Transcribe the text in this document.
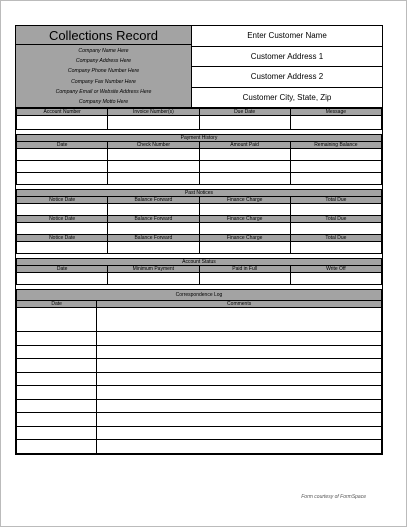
Collections Record
Company Name Here
Company Address Here
Company Phone Number Here
Company Fax Number Here
Company Email or Website Address Here
Company Motto Here
Enter Customer Name
Customer Address 1
Customer Address 2
Customer City, State, Zip
Account Number	Invoice Number(s)	Due Date	Message

Payment History			
Date	Check Number	Amount Paid	Remaining Balance

Past Notices			
Notice Date	Balance Forward	Finance Charge	Total Due

Notice Date	Balance Forward	Finance Charge	Total Due

Notice Date	Balance Forward	Finance Charge	Total Due

Account Status			
Date	Minimum Payment	Paid in Full	Write Off

Correspondence Log	
Date	Comments

Form courtesy of FormSpace
